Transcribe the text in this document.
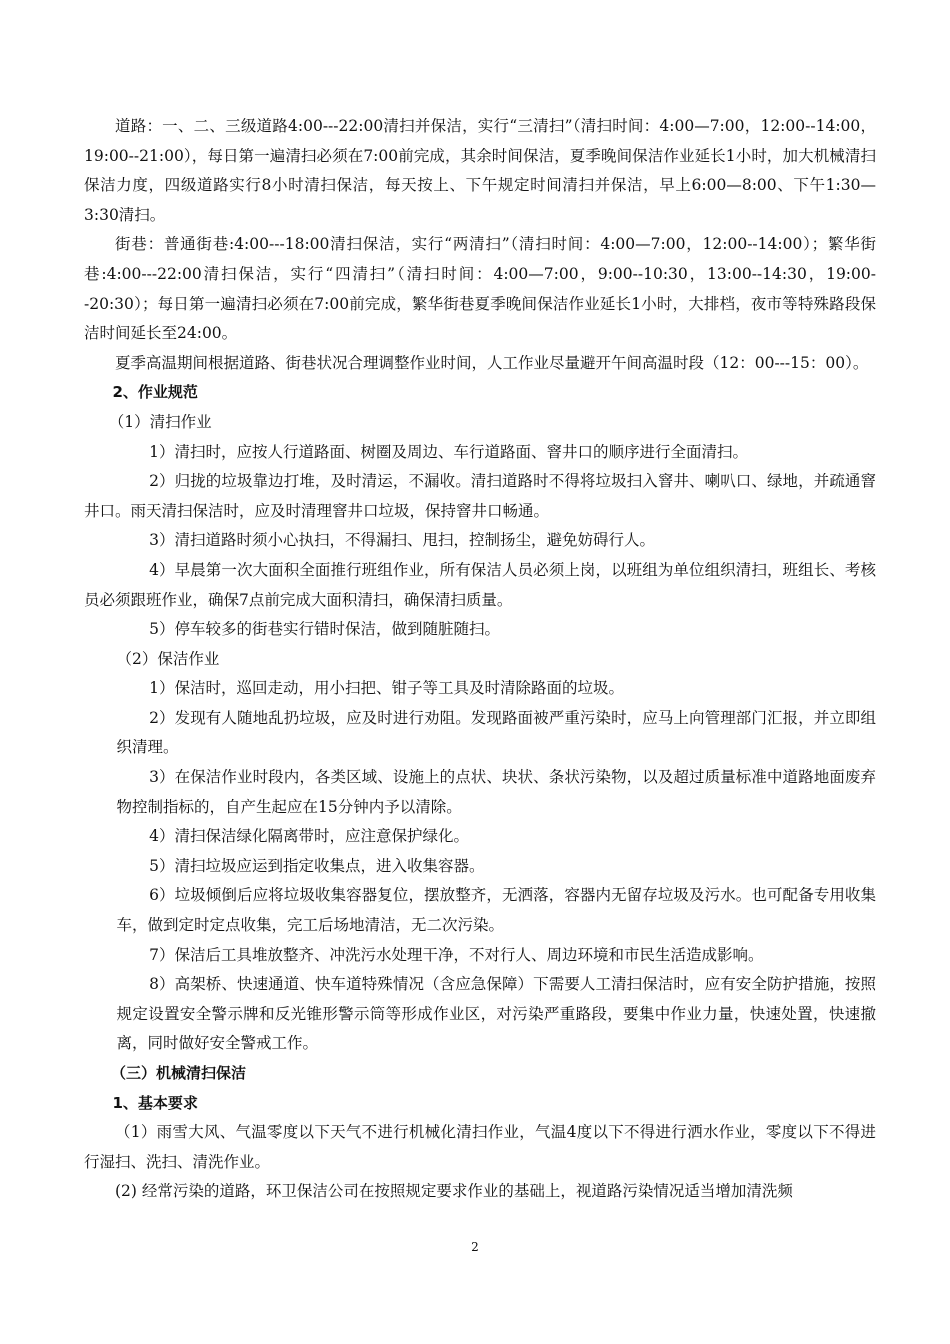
道路：一、二、三级道路4:00---22:00清扫并保洁，实行“三清扫”（清扫时间：4:00—7:00，12:00--14:00，19:00--21:00），每日第一遍清扫必须在7:00前完成，其余时间保洁，夏季晚间保洁作业延长1小时，加大机械清扫保洁力度，四级道路实行8小时清扫保洁，每天按上、下午规定时间清扫并保洁，早上6:00—8:00、下午1:30—3:30清扫。

街巷：普通街巷:4:00---18:00清扫保洁，实行“两清扫”（清扫时间：4:00—7:00，12:00--14:00）；繁华街巷:4:00---22:00清扫保洁，实行“四清扫”（清扫时间：4:00—7:00，9:00--10:30，13:00--14:30，19:00--20:30）；每日第一遍清扫必须在7:00前完成，繁华街巷夏季晚间保洁作业延长1小时，大排档，夜市等特殊路段保洁时间延长至24:00。

夏季高温期间根据道路、街巷状况合理调整作业时间，人工作业尽量避开午间高温时段（12：00---15：00）。

2、作业规范

（1）清扫作业

1）清扫时，应按人行道路面、树圈及周边、车行道路面、窨井口的顺序进行全面清扫。

2）归拢的垃圾靠边打堆，及时清运，不漏收。清扫道路时不得将垃圾扫入窨井、喇叭口、绿地，并疏通窨井口。雨天清扫保洁时，应及时清理窨井口垃圾，保持窨井口畅通。

3）清扫道路时须小心执扫，不得漏扫、甩扫，控制扬尘，避免妨碍行人。

4）早晨第一次大面积全面推行班组作业，所有保洁人员必须上岗，以班组为单位组织清扫，班组长、考核员必须跟班作业，确保7点前完成大面积清扫，确保清扫质量。

5）停车较多的街巷实行错时保洁，做到随脏随扫。

（2）保洁作业

1）保洁时，巡回走动，用小扫把、钳子等工具及时清除路面的垃圾。

2）发现有人随地乱扔垃圾，应及时进行劝阻。发现路面被严重污染时，应马上向管理部门汇报，并立即组织清理。

3）在保洁作业时段内，各类区域、设施上的点状、块状、条状污染物，以及超过质量标准中道路地面废弃物控制指标的，自产生起应在15分钟内予以清除。

4）清扫保洁绿化隔离带时，应注意保护绿化。

5）清扫垃圾应运到指定收集点，进入收集容器。

6）垃圾倾倒后应将垃圾收集容器复位，摆放整齐，无洒落，容器内无留存垃圾及污水。也可配备专用收集车，做到定时定点收集，完工后场地清洁，无二次污染。

7）保洁后工具堆放整齐、冲洗污水处理干净，不对行人、周边环境和市民生活造成影响。

8）高架桥、快速通道、快车道特殊情况（含应急保障）下需要人工清扫保洁时，应有安全防护措施，按照规定设置安全警示牌和反光锥形警示筒等形成作业区，对污染严重路段，要集中作业力量，快速处置，快速撤离，同时做好安全警戒工作。

（三）机械清扫保洁

1、基本要求

（1）雨雪大风、气温零度以下天气不进行机械化清扫作业，气温4度以下不得进行洒水作业，零度以下不得进行湿扫、洗扫、清洗作业。

(2) 经常污染的道路，环卫保洁公司在按照规定要求作业的基础上，视道路污染情况适当增加清洗频

2
